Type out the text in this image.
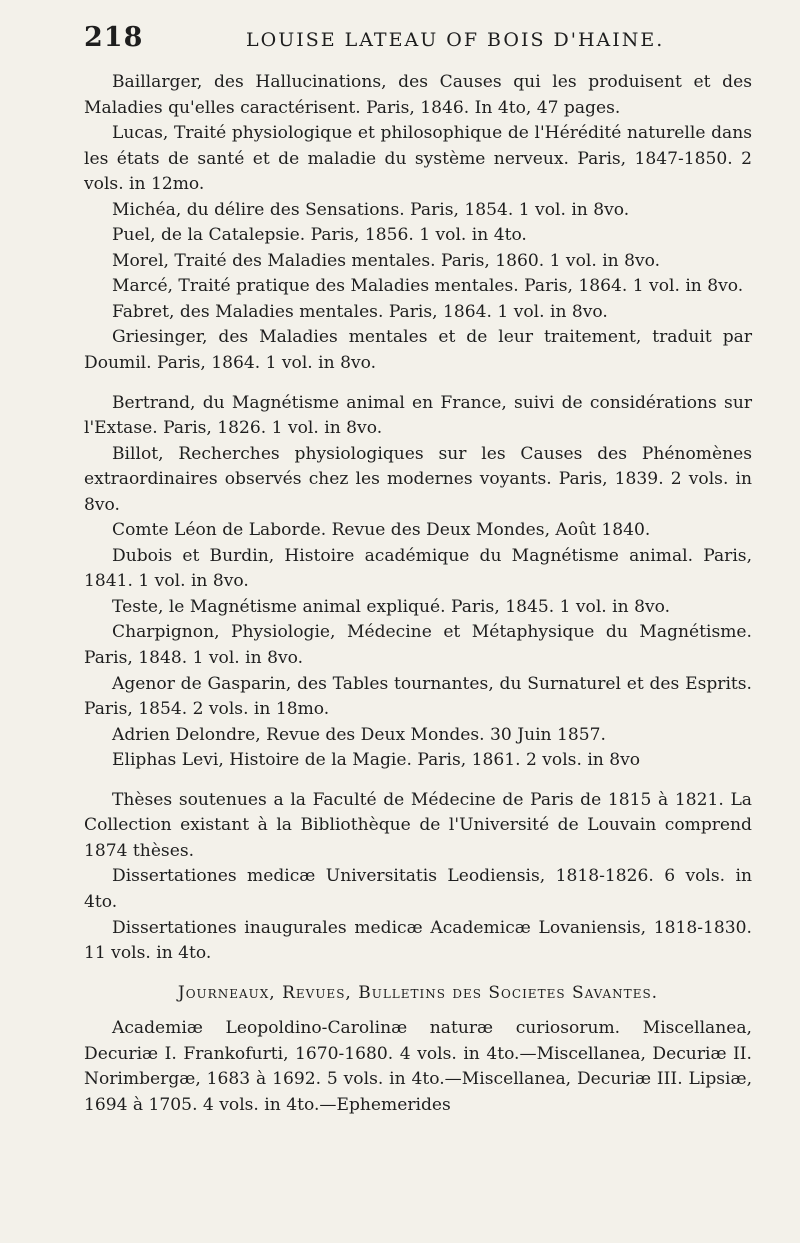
218	LOUISE LATEAU OF BOIS D'HAINE.

Baillarger, des Hallucinations, des Causes qui les produisent et des Maladies qu'elles caractérisent. Paris, 1846. In 4to, 47 pages.

Lucas, Traité physiologique et philosophique de l'Hérédité naturelle dans les états de santé et de maladie du système nerveux. Paris, 1847-1850. 2 vols. in 12mo.

Michéa, du délire des Sensations. Paris, 1854. 1 vol. in 8vo.

Puel, de la Catalepsie. Paris, 1856. 1 vol. in 4to.

Morel, Traité des Maladies mentales. Paris, 1860. 1 vol. in 8vo.

Marcé, Traité pratique des Maladies mentales. Paris, 1864. 1 vol. in 8vo.

Fabret, des Maladies mentales. Paris, 1864. 1 vol. in 8vo.

Griesinger, des Maladies mentales et de leur traitement, traduit par Doumil. Paris, 1864. 1 vol. in 8vo.

Bertrand, du Magnétisme animal en France, suivi de considérations sur l'Extase. Paris, 1826. 1 vol. in 8vo.

Billot, Recherches physiologiques sur les Causes des Phénomènes extraordinaires observés chez les modernes voyants. Paris, 1839. 2 vols. in 8vo.

Comte Léon de Laborde. Revue des Deux Mondes, Août 1840.

Dubois et Burdin, Histoire académique du Magnétisme animal. Paris, 1841. 1 vol. in 8vo.

Teste, le Magnétisme animal expliqué. Paris, 1845. 1 vol. in 8vo.

Charpignon, Physiologie, Médecine et Métaphysique du Magnétisme. Paris, 1848. 1 vol. in 8vo.

Agenor de Gasparin, des Tables tournantes, du Surnaturel et des Esprits. Paris, 1854. 2 vols. in 18mo.

Adrien Delondre, Revue des Deux Mondes. 30 Juin 1857.

Eliphas Levi, Histoire de la Magie. Paris, 1861. 2 vols. in 8vo

Thèses soutenues a la Faculté de Médecine de Paris de 1815 à 1821. La Collection existant à la Bibliothèque de l'Université de Louvain comprend 1874 thèses.

Dissertationes medicæ Universitatis Leodiensis, 1818-1826. 6 vols. in 4to.

Dissertationes inaugurales medicæ Academicæ Lovaniensis, 1818-1830. 11 vols. in 4to.

Journeaux, Revues, Bulletins des Societes Savantes.

Academiæ Leopoldino-Carolinæ naturæ curiosorum. Miscellanea, Decuriæ I. Frankofurti, 1670-1680. 4 vols. in 4to.—Miscellanea, Decuriæ II. Norimbergæ, 1683 à 1692. 5 vols. in 4to.—Miscellanea, Decuriæ III. Lipsiæ, 1694 à 1705. 4 vols. in 4to.—Ephemerides
